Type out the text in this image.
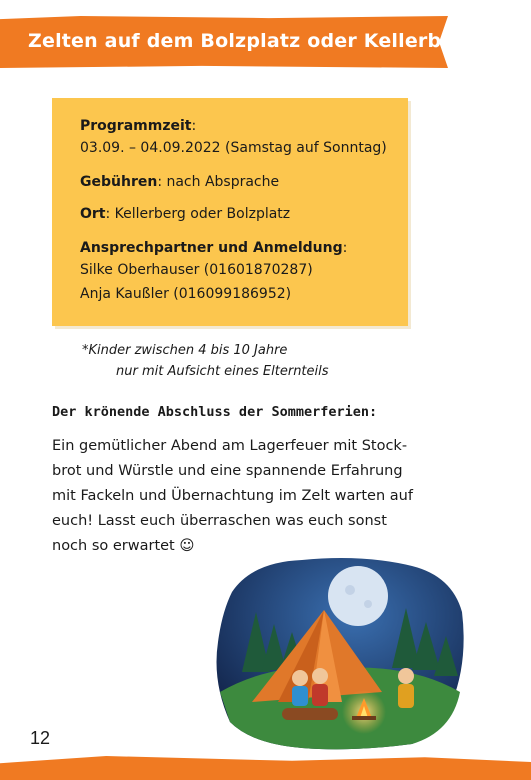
Zelten auf dem Bolzplatz oder Kellerberg
Programmzeit:
03.09. – 04.09.2022 (Samstag auf Sonntag)
Gebühren: nach Absprache
Ort: Kellerberg oder Bolzplatz
Ansprechpartner und Anmeldung:
Silke Oberhauser (01601870287)
Anja Kaußler (016099186952)
*Kinder zwischen 4 bis 10 Jahre
nur mit Aufsicht eines Elternteils
Der krönende Abschluss der Sommerferien:
Ein gemütlicher Abend am Lagerfeuer mit Stock-
brot und Würstle und eine spannende Erfahrung
mit Fackeln und Übernachtung im Zelt warten auf
euch! Lasst euch überraschen was euch sonst
noch so erwartet ☺
12
